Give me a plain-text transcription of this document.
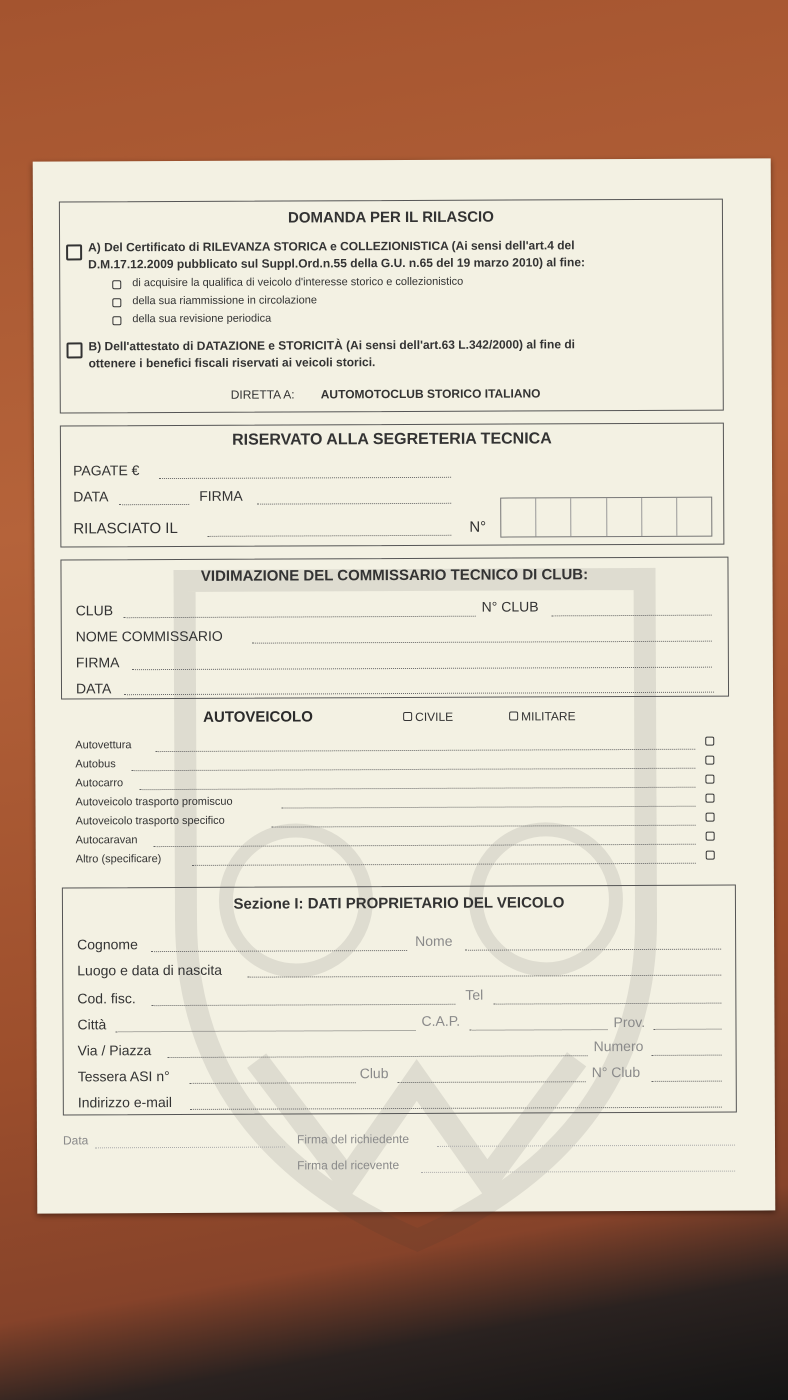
DOMANDA PER IL RILASCIO
A) Del Certificato di RILEVANZA STORICA e COLLEZIONISTICA (Ai sensi dell'art.4 del
D.M.17.12.2009 pubblicato sul Suppl.Ord.n.55 della G.U. n.65 del 19 marzo 2010) al fine:
di acquisire la qualifica di veicolo d'interesse storico e collezionistico
della sua riammissione in circolazione
della sua revisione periodica
B) Dell'attestato di DATAZIONE e STORICITÀ (Ai sensi dell'art.63 L.342/2000) al fine di
ottenere i benefici fiscali riservati ai veicoli storici.
DIRETTA A: AUTOMOTOCLUB STORICO ITALIANO
RISERVATO ALLA SEGRETERIA TECNICA
PAGATE €
DATA	FIRMA
RILASCIATO IL	N°
VIDIMAZIONE DEL COMMISSARIO TECNICO DI CLUB:
CLUB	N° CLUB
NOME COMMISSARIO
FIRMA
DATA
AUTOVEICOLO	CIVILE	MILITARE
Autovettura
Autobus
Autocarro
Autoveicolo trasporto promiscuo
Autoveicolo trasporto specifico
Autocaravan
Altro (specificare)
Sezione I: DATI PROPRIETARIO DEL VEICOLO
Cognome	Nome
Luogo e data di nascita
Cod. fisc.	Tel
Città	C.A.P.	Prov.
Via / Piazza	Numero
Tessera ASI n°	Club	N° Club
Indirizzo e-mail
Data	Firma del richiedente
Firma del ricevente
